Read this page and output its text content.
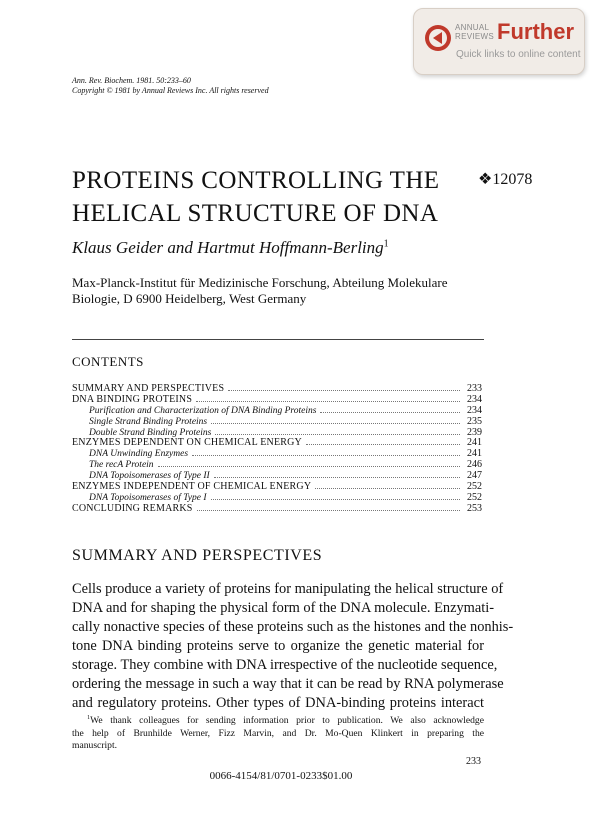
ANNUAL
REVIEWS Further
Quick links to online content
Ann. Rev. Biochem. 1981. 50:233–60
Copyright © 1981 by Annual Reviews Inc. All rights reserved
PROTEINS CONTROLLING THE
HELICAL STRUCTURE OF DNA
❖12078
Klaus Geider and Hartmut Hoffmann-Berling$^1$
Max-Planck-Institut für Medizinische Forschung, Abteilung Molekulare
Biologie, D 6900 Heidelberg, West Germany
CONTENTS
SUMMARY AND PERSPECTIVES	233
DNA BINDING PROTEINS	234
Purification and Characterization of DNA Binding Proteins	234
Single Strand Binding Proteins	235
Double Strand Binding Proteins	239
ENZYMES DEPENDENT ON CHEMICAL ENERGY	241
DNA Unwinding Enzymes	241
The recA Protein	246
DNA Topoisomerases of Type II	247
ENZYMES INDEPENDENT OF CHEMICAL ENERGY	252
DNA Topoisomerases of Type I	252
CONCLUDING REMARKS	253
SUMMARY AND PERSPECTIVES
Cells produce a variety of proteins for manipulating the helical structure of
DNA and for shaping the physical form of the DNA molecule. Enzymati-
cally nonactive species of these proteins such as the histones and the nonhis-
tone DNA binding proteins serve to organize the genetic material for
storage. They combine with DNA irrespective of the nucleotide sequence,
ordering the message in such a way that it can be read by RNA polymerase
and regulatory proteins. Other types of DNA-binding proteins interact
$^1$We thank colleagues for sending information prior to publication. We also acknowledge
the help of Brunhilde Werner, Fizz Marvin, and Dr. Mo-Quen Klinkert in preparing the
manuscript.
233
0066-4154/81/0701-0233$01.00
